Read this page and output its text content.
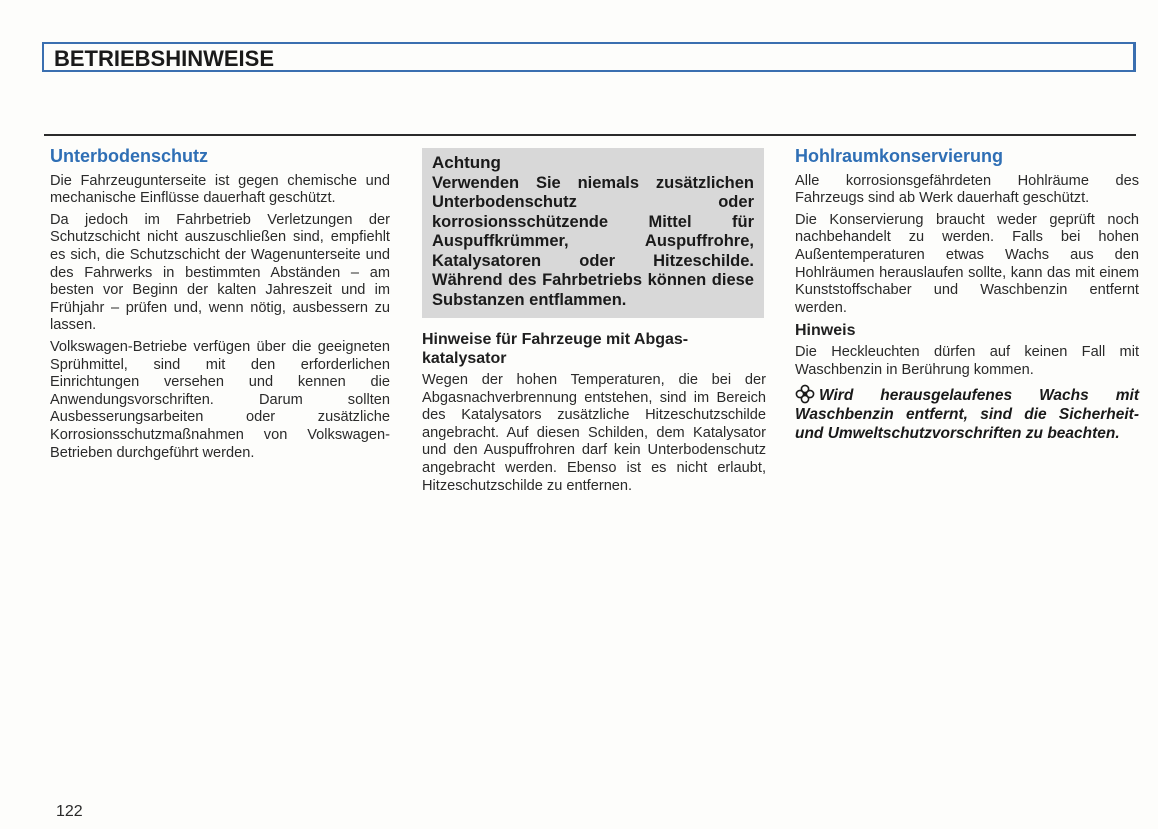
BETRIEBSHINWEISE
Unterbodenschutz

Die Fahrzeugunterseite ist gegen chemische und mechanische Einflüsse dauerhaft geschützt.

Da jedoch im Fahrbetrieb Verletzungen der Schutzschicht nicht auszuschließen sind, empfiehlt es sich, die Schutzschicht der Wagenunterseite und des Fahrwerks in bestimmten Abständen – am besten vor Beginn der kalten Jahreszeit und im Frühjahr – prüfen und, wenn nötig, ausbessern zu lassen.

Volkswagen-Betriebe verfügen über die geeigneten Sprühmittel, sind mit den erforderlichen Einrichtungen versehen und kennen die Anwendungsvorschriften. Darum sollten Ausbesserungsarbeiten oder zusätzliche Korrosionsschutzmaßnahmen von Volkswagen-Betrieben durchgeführt werden.

Achtung
Verwenden Sie niemals zusätzlichen Unterbodenschutz oder korrosionsschützende Mittel für Auspuffkrümmer, Auspuffrohre, Katalysatoren oder Hitzeschilde. Während des Fahrbetriebs können diese Substanzen entflammen.
Hinweise für Fahrzeuge mit Abgaskatalysator

Wegen der hohen Temperaturen, die bei der Abgasnachverbrennung entstehen, sind im Bereich des Katalysators zusätzliche Hitzeschutzschilde angebracht. Auf diesen Schilden, dem Katalysator und den Auspuffrohren darf kein Unterbodenschutz angebracht werden. Ebenso ist es nicht erlaubt, Hitzeschutzschilde zu entfernen.

Hohlraumkonservierung

Alle korrosionsgefährdeten Hohlräume des Fahrzeugs sind ab Werk dauerhaft geschützt.

Die Konservierung braucht weder geprüft noch nachbehandelt zu werden. Falls bei hohen Außentemperaturen etwas Wachs aus den Hohlräumen herauslaufen sollte, kann das mit einem Kunststoffschaber und Waschbenzin entfernt werden.

Hinweis

Die Heckleuchten dürfen auf keinen Fall mit Waschbenzin in Berührung kommen.

Wird herausgelaufenes Wachs mit Waschbenzin entfernt, sind die Sicherheit- und Umweltschutzvorschriften zu beachten.
122
